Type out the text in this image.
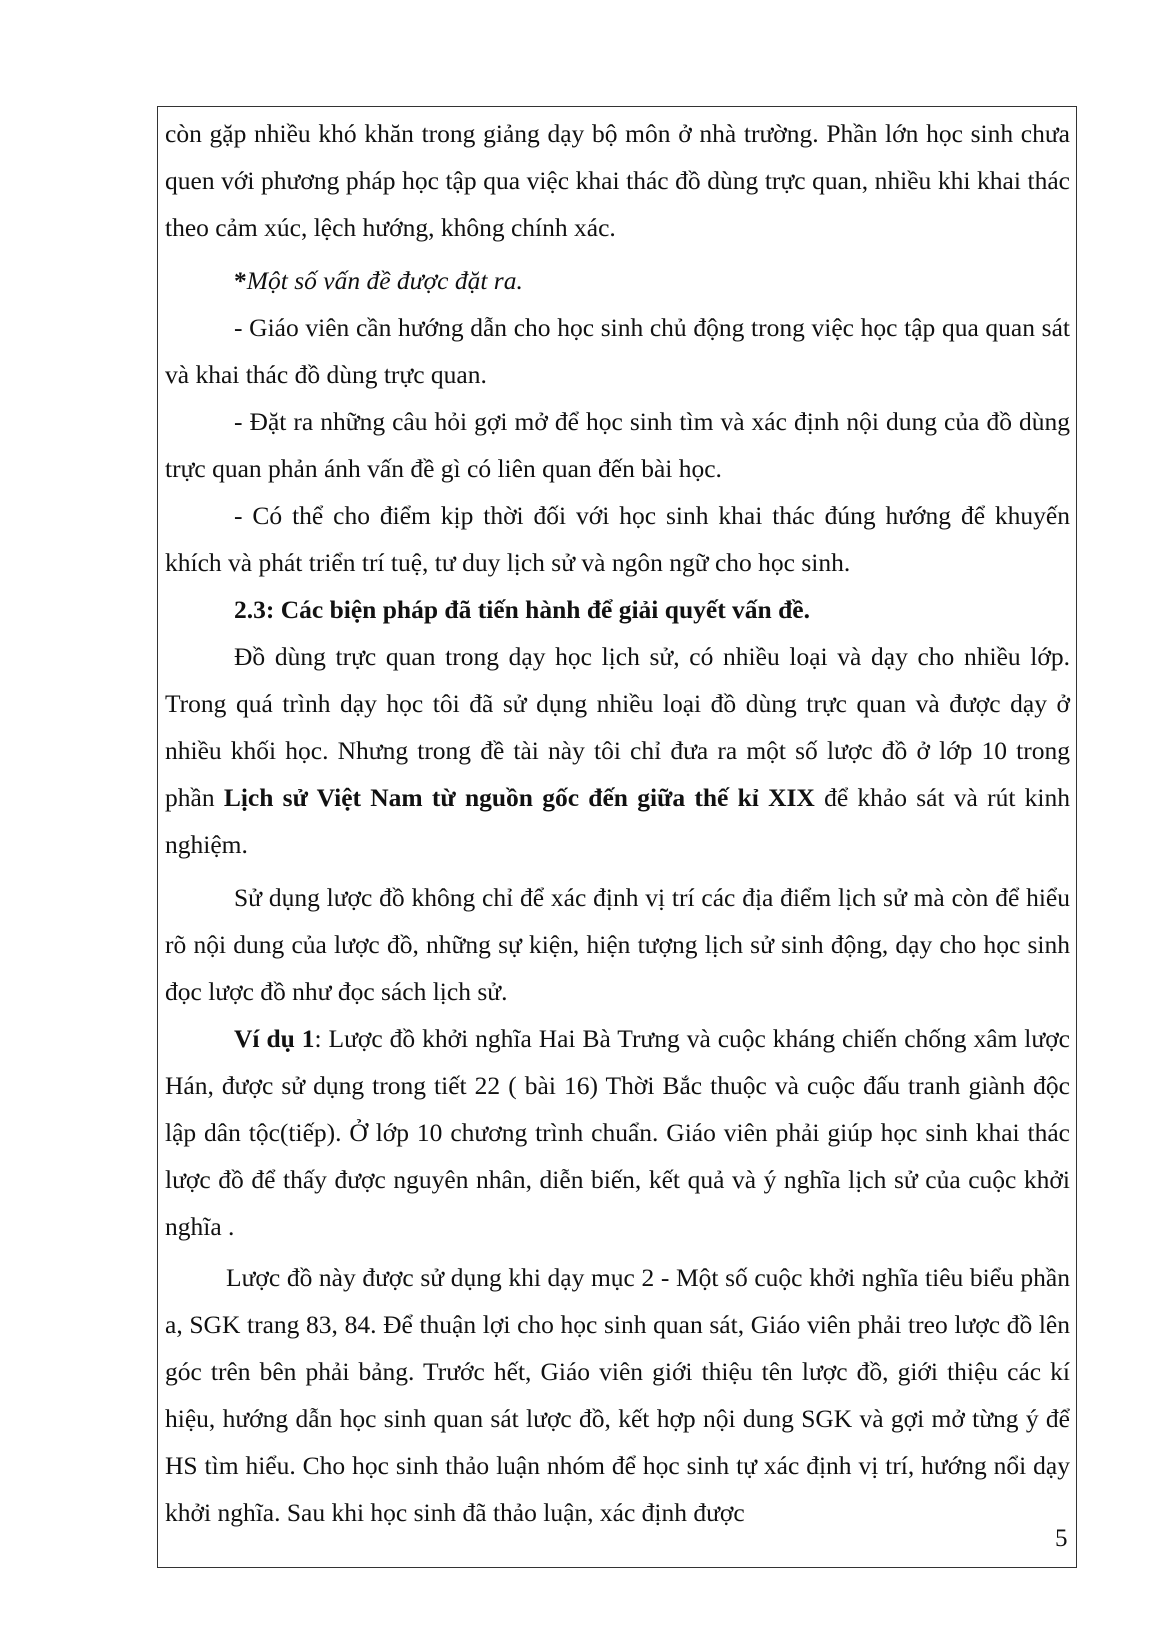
còn gặp nhiều khó khăn trong giảng dạy bộ môn ở nhà trường. Phần lớn học sinh chưa quen với phương pháp học tập qua việc khai thác đồ dùng trực quan, nhiều khi khai thác theo cảm xúc, lệch hướng, không chính xác.

*Một số vấn đề được đặt ra.

- Giáo viên cần hướng dẫn cho học sinh chủ động trong việc học tập qua quan sát và khai thác đồ dùng trực quan.

- Đặt ra những câu hỏi gợi mở để học sinh tìm và xác định nội dung của đồ dùng trực quan phản ánh vấn đề gì có liên quan đến bài học.

- Có thể cho điểm kịp thời đối với học sinh khai thác đúng hướng để khuyến khích và phát triển trí tuệ, tư duy lịch sử và ngôn ngữ cho học sinh.

2.3: Các biện pháp đã tiến hành để giải quyết vấn đề.

Đồ dùng trực quan trong dạy học lịch sử, có nhiều loại và dạy cho nhiều lớp. Trong quá trình dạy học tôi đã sử dụng nhiều loại đồ dùng trực quan và được dạy ở nhiều khối học. Nhưng trong đề tài này tôi chỉ đưa ra một số lược đồ ở lớp 10 trong phần Lịch sử Việt Nam từ nguồn gốc đến giữa thế kỉ XIX để khảo sát và rút kinh nghiệm.

Sử dụng lược đồ không chỉ để xác định vị trí các địa điểm lịch sử mà còn để hiểu rõ nội dung của lược đồ, những sự kiện, hiện tượng lịch sử sinh động, dạy cho học sinh đọc lược đồ như đọc sách lịch sử.

Ví dụ 1: Lược đồ khởi nghĩa Hai Bà Trưng và cuộc kháng chiến chống xâm lược Hán, được sử dụng trong tiết 22 ( bài 16) Thời Bắc thuộc và cuộc đấu tranh giành độc lập dân tộc(tiếp). Ở lớp 10 chương trình chuẩn. Giáo viên phải giúp học sinh khai thác lược đồ để thấy được nguyên nhân, diễn biến, kết quả và ý nghĩa lịch sử của cuộc khởi nghĩa .

Lược đồ này được sử dụng khi dạy mục 2 - Một số cuộc khởi nghĩa tiêu biểu phần a, SGK trang 83, 84. Để thuận lợi cho học sinh quan sát, Giáo viên phải treo lược đồ lên góc trên bên phải bảng. Trước hết, Giáo viên giới thiệu tên lược đồ, giới thiệu các kí hiệu, hướng dẫn học sinh quan sát lược đồ, kết hợp nội dung SGK và gợi mở từng ý để HS tìm hiểu. Cho học sinh thảo luận nhóm để học sinh tự xác định vị trí, hướng nổi dạy khởi nghĩa. Sau khi học sinh đã thảo luận, xác định được

5
